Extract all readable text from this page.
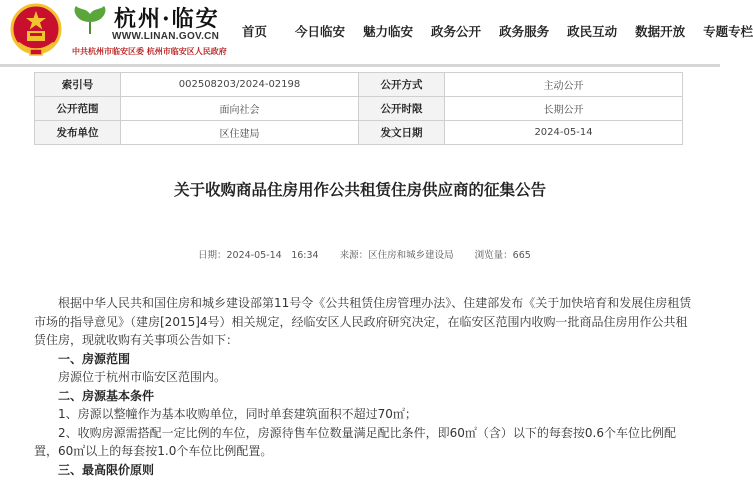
杭州·临安
WWW.LINAN.GOV.CN
中共杭州市临安区委 杭州市临安区人民政府
首页 今日临安 魅力临安 政务公开 政务服务 政民互动 数据开放 专题专栏
索引号	002508203/2024-02198	公开方式	主动公开
公开范围	面向社会	公开时限	长期公开
发布单位	区住建局	发文日期	2024-05-14
关于收购商品住房用作公共租赁住房供应商的征集公告
日期：2024-05-14　16:34 来源：区住房和城乡建设局 浏览量：665

根据中华人民共和国住房和城乡建设部第11号令《公共租赁住房管理办法》、住建部发布《关于加快培育和发展住房租赁市场的指导意见》（建房[2015]4号）相关规定，经临安区人民政府研究决定，在临安区范围内收购一批商品住房用作公共租赁住房，现就收购有关事项公告如下：

一、房源范围

房源位于杭州市临安区范围内。

二、房源基本条件

1、房源以整幢作为基本收购单位，同时单套建筑面积不超过70㎡；

2、收购房源需搭配一定比例的车位，房源待售车位数量满足配比条件，即60㎡（含）以下的每套按0.6个车位比例配置，60㎡以上的每套按1.0个车位比例配置。

三、最高限价原则
